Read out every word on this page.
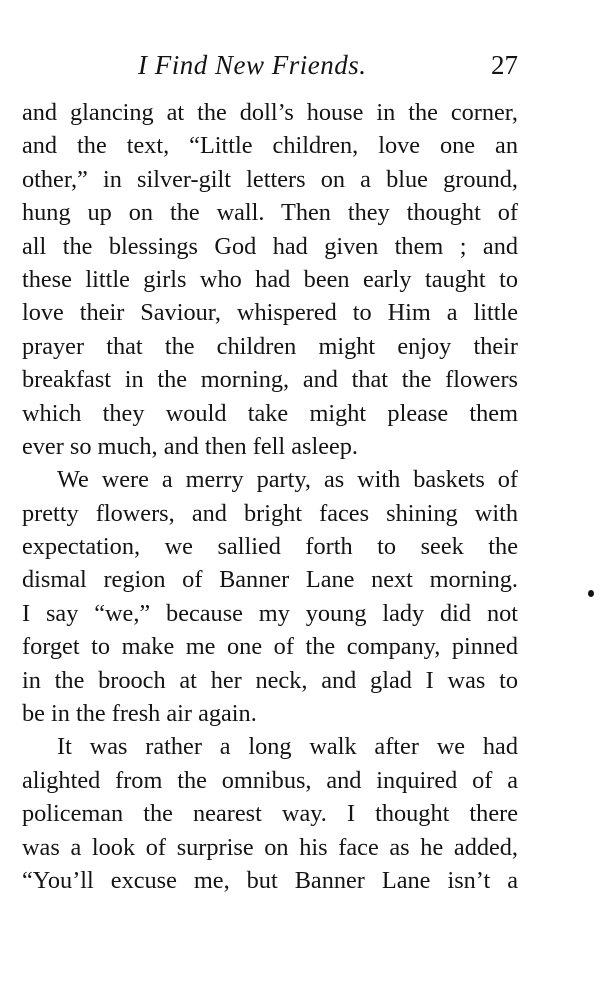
I Find New Friends.	27

and glancing at the doll’s house in the corner,
and the text, “Little children, love one an
other,” in silver-gilt letters on a blue ground,
hung up on the wall. Then they thought of
all the blessings God had given them ; and
these little girls who had been early taught to
love their Saviour, whispered to Him a little
prayer that the children might enjoy their
breakfast in the morning, and that the flowers
which they would take might please them
ever so much, and then fell asleep.

We were a merry party, as with baskets of
pretty flowers, and bright faces shining with
expectation, we sallied forth to seek the
dismal region of Banner Lane next morning.
I say “we,” because my young lady did not
forget to make me one of the company, pinned
in the brooch at her neck, and glad I was to
be in the fresh air again.

It was rather a long walk after we had
alighted from the omnibus, and inquired of a
policeman the nearest way. I thought there
was a look of surprise on his face as he added,
“You’ll excuse me, but Banner Lane isn’t a
